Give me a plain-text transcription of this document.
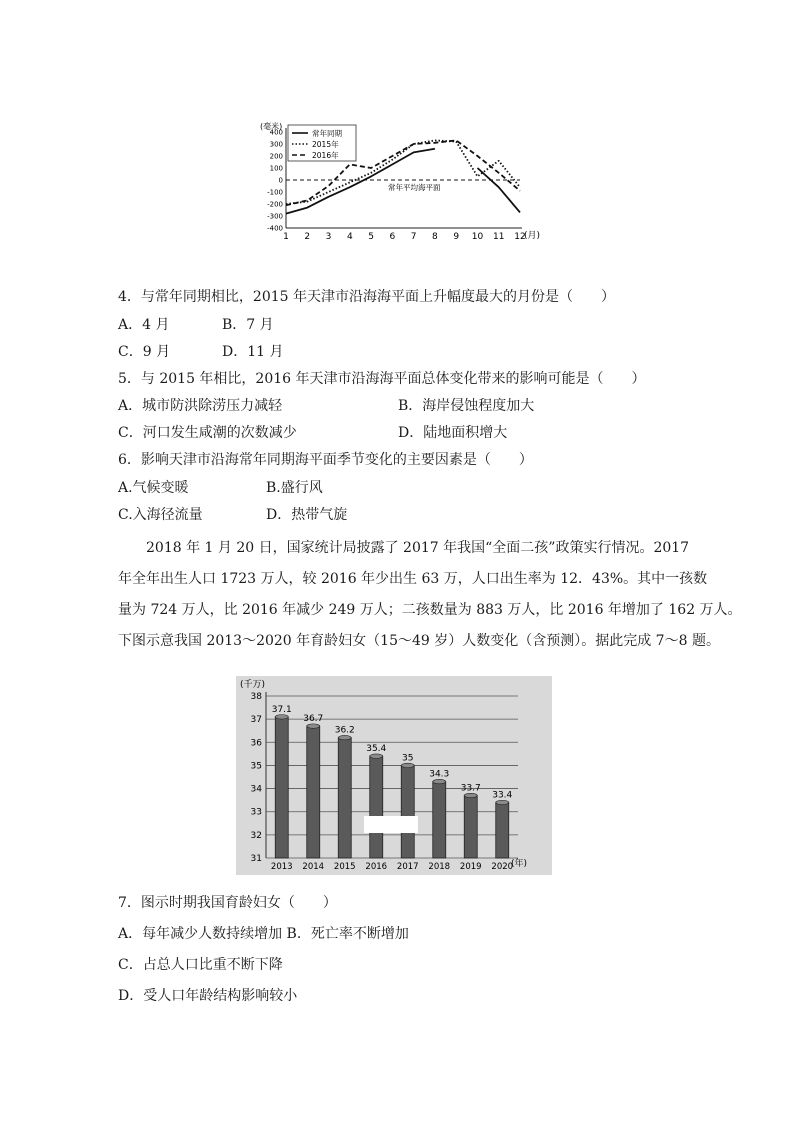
(毫米)
400
300
200
100
0
-100
-200
-300
-400
1 2 3 4 5 6 7 8 9 10 11 12
常年同期
2015年
2016年
常年平均海平面
(月)
4．与常年同期相比，2015 年天津市沿海海平面上升幅度最大的月份是（　　）
A．4 月	B．7 月
C．9 月	D．11 月
5．与 2015 年相比，2016 年天津市沿海海平面总体变化带来的影响可能是（　　）
A．城市防洪除涝压力减轻	B．海岸侵蚀程度加大
C．河口发生咸潮的次数减少	D．陆地面积增大
6．影响天津市沿海常年同期海平面季节变化的主要因素是（　　）
A.气候变暖	B.盛行风
C.入海径流量	D．热带气旋
　　2018 年 1 月 20 日，国家统计局披露了 2017 年我国“全面二孩”政策实行情况。2017
年全年出生人口 1723 万人，较 2016 年少出生 63 万，人口出生率为 12．43%。其中一孩数
量为 724 万人，比 2016 年减少 249 万人；二孩数量为 883 万人，比 2016 年增加了 162 万人。
下图示意我国 2013～2020 年育龄妇女（15～49 岁）人数变化（含预测）。据此完成 7～8 题。
(千万)
38
37
36
35
34
33
32
31
37.1
36.7
36.2
35.4
35
34.3
33.7
33.4
2013 2014 2015 2016 2017 2018 2019 2020
(年)
7．图示时期我国育龄妇女（　　）
A．每年减少人数持续增加 B．死亡率不断增加
C．占总人口比重不断下降
D．受人口年龄结构影响较小
